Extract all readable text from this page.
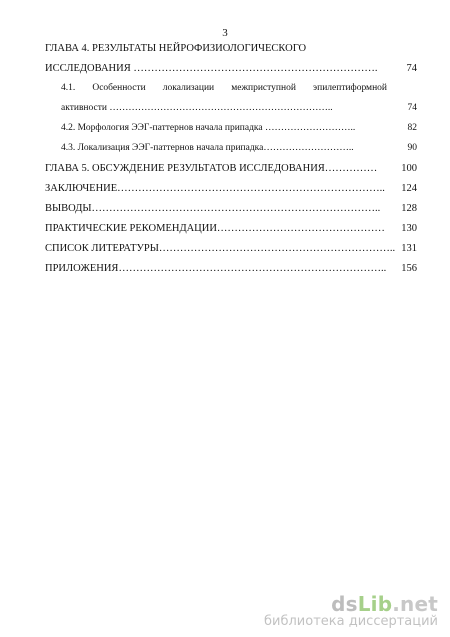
3
ГЛАВА 4. РЕЗУЛЬТАТЫ НЕЙРОФИЗИОЛОГИЧЕСКОГО
ИССЛЕДОВАНИЯ …………………………………………………………….	74
4.1. Особенности локализации межприступной эпилептиформной
активности ……………………………………………………………..	74
4.2. Морфология ЭЭГ-паттернов начала припадка ………………………..	82
4.3. Локализация ЭЭГ-паттернов начала припадка………………………..	90
ГЛАВА 5. ОБСУЖДЕНИЕ РЕЗУЛЬТАТОВ ИССЛЕДОВАНИЯ……………	100
ЗАКЛЮЧЕНИЕ…………………………………………………………………..	124
ВЫВОДЫ………………………………………………………………………..	128
ПРАКТИЧЕСКИЕ РЕКОМЕНДАЦИИ…………………………………………	130
СПИСОК ЛИТЕРАТУРЫ………………………………………………………….. 131
ПРИЛОЖЕНИЯ…………………………………………………………………..	156
dsLib.net
библиотека диссертаций
